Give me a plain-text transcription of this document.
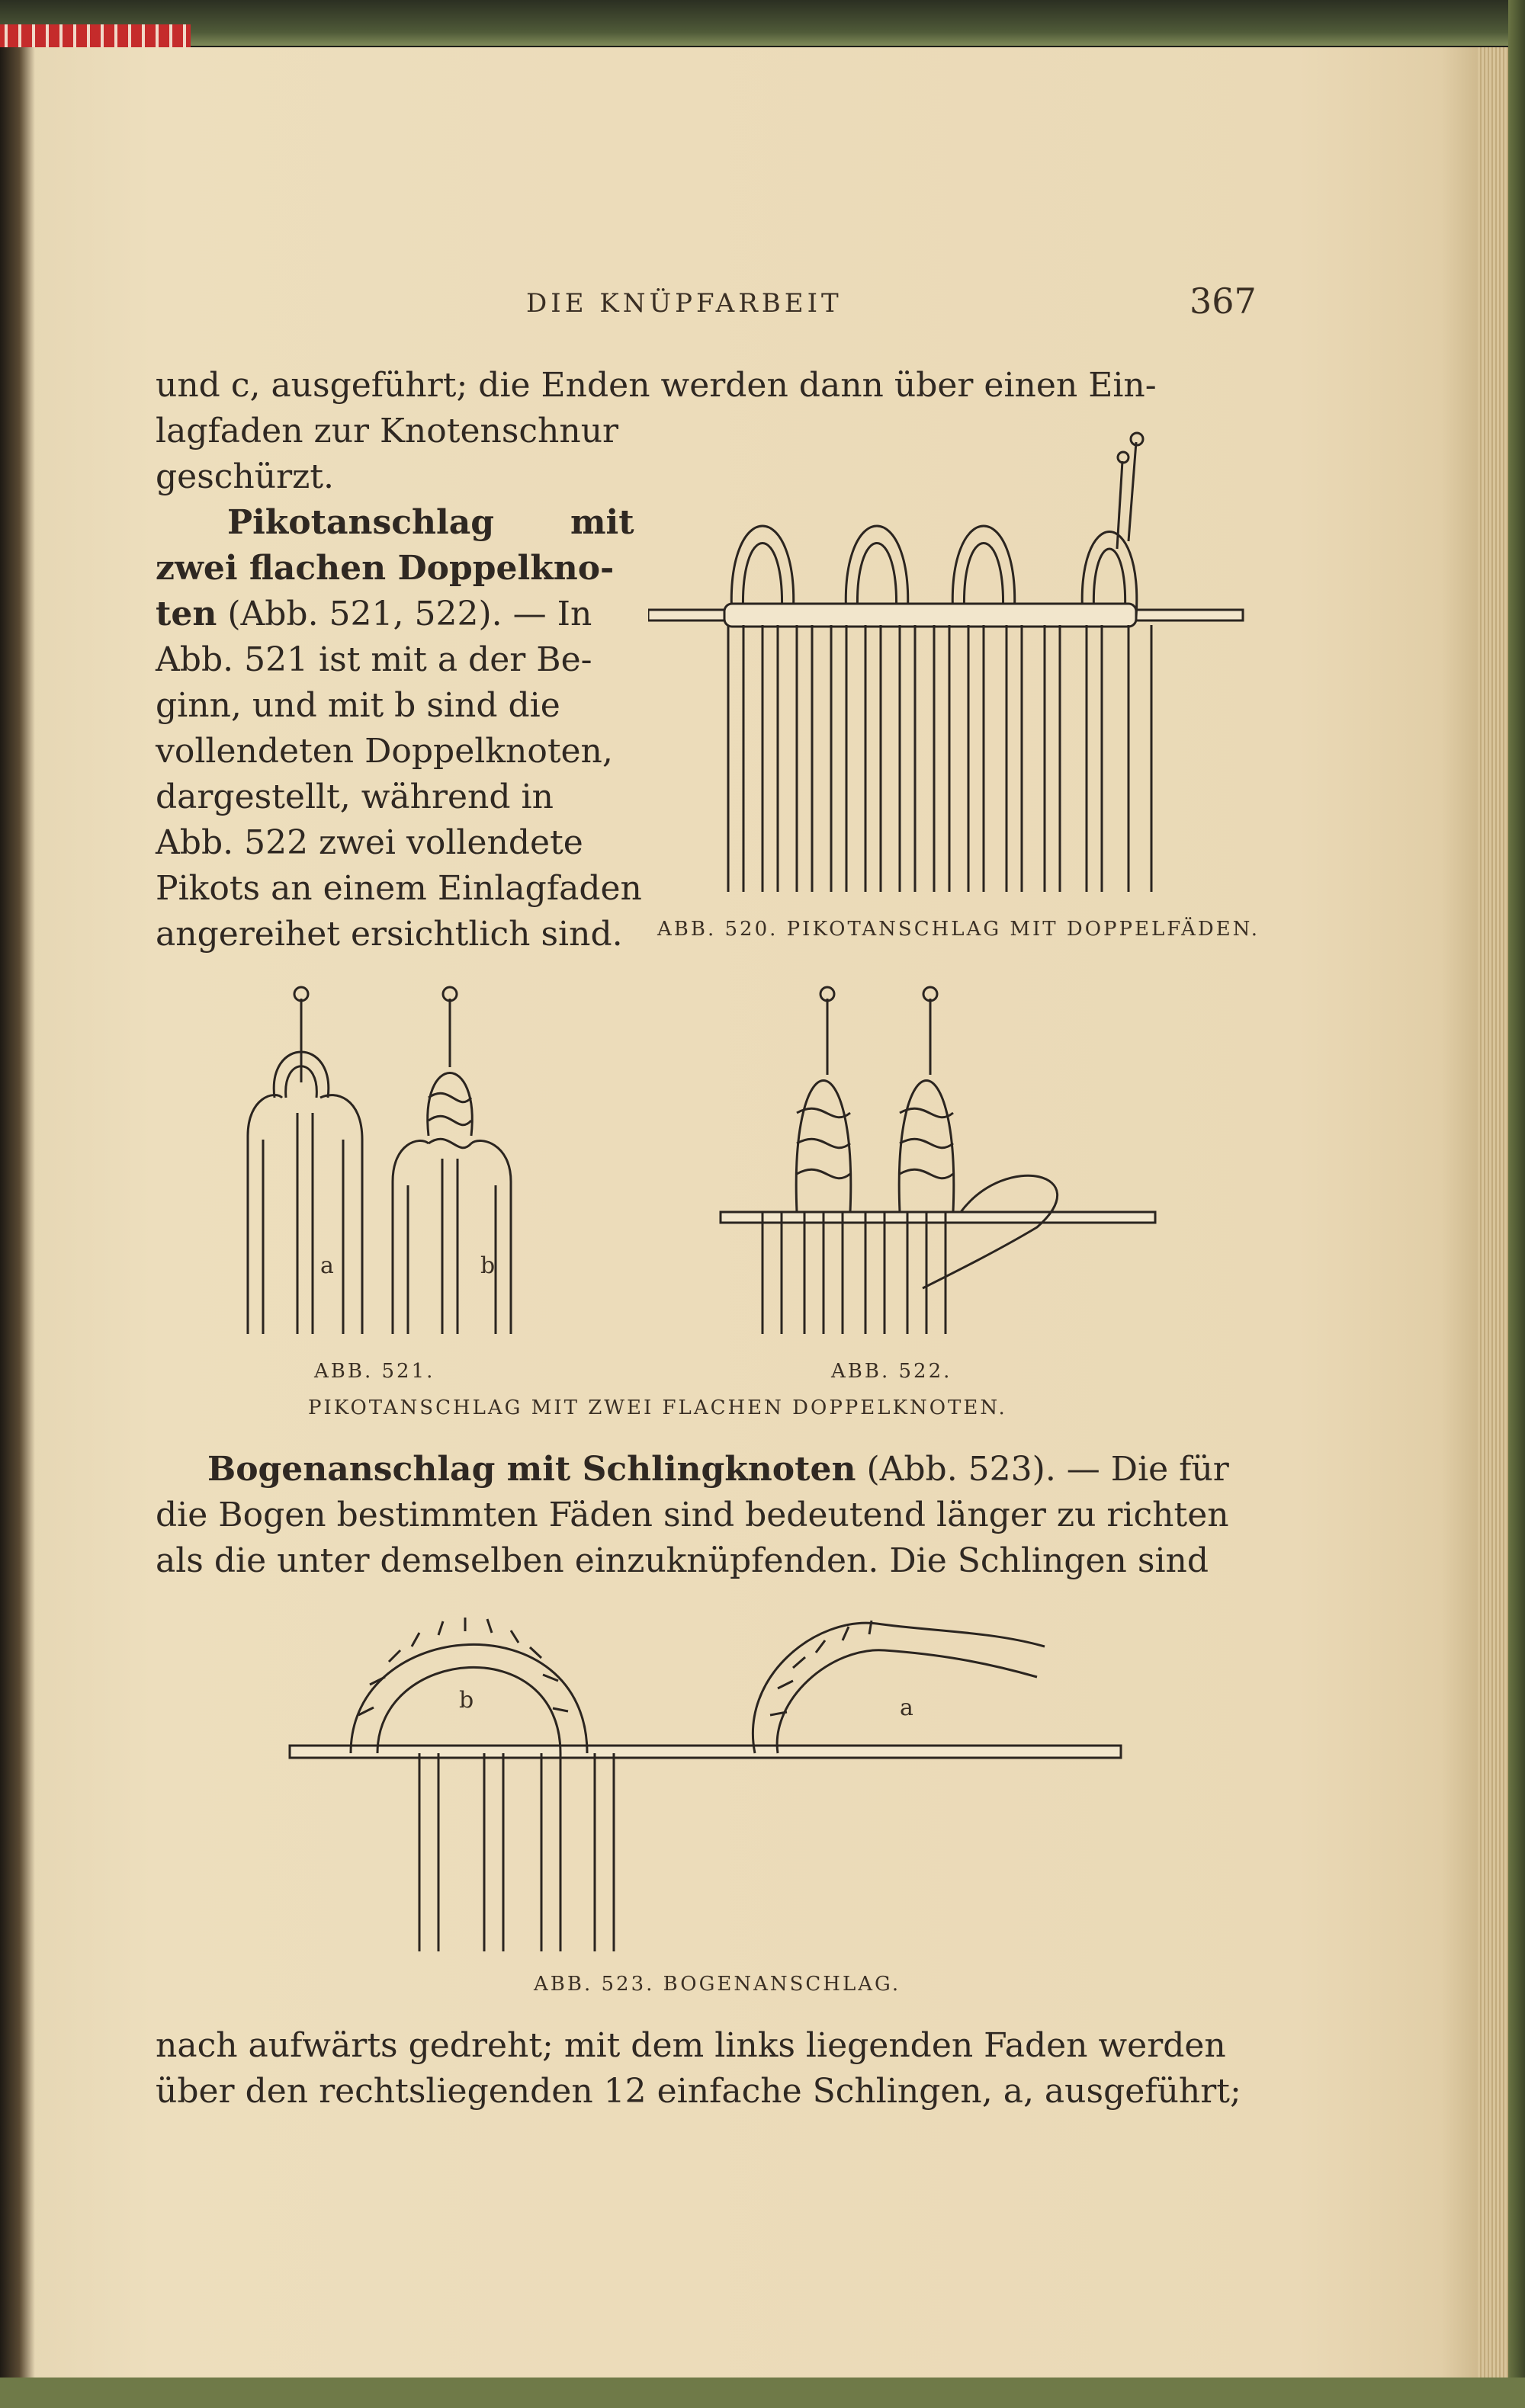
DIE KNÜPFARBEIT	367
und c, ausgeführt; die Enden werden dann über einen Ein-
lagfaden zur Knotenschnur
geschürzt.
Pikotanschlag mit
zwei flachen Doppelkno-
ten (Abb. 521, 522). — In
Abb. 521 ist mit a der Be-
ginn, und mit b sind die
vollendeten Doppelknoten,
dargestellt, während in
Abb. 522 zwei vollendete
Pikots an einem Einlagfaden
angereihet ersichtlich sind. ABB. 520. PIKOTANSCHLAG MIT DOPPELFÄDEN.
a	b
ABB. 521.	ABB. 522.
PIKOTANSCHLAG MIT ZWEI FLACHEN DOPPELKNOTEN.
Bogenanschlag mit Schlingknoten (Abb. 523). — Die für
die Bogen bestimmten Fäden sind bedeutend länger zu richten
als die unter demselben einzuknüpfenden. Die Schlingen sind
b	a
ABB. 523. BOGENANSCHLAG.
nach aufwärts gedreht; mit dem links liegenden Faden werden
über den rechtsliegenden 12 einfache Schlingen, a, ausgeführt;
